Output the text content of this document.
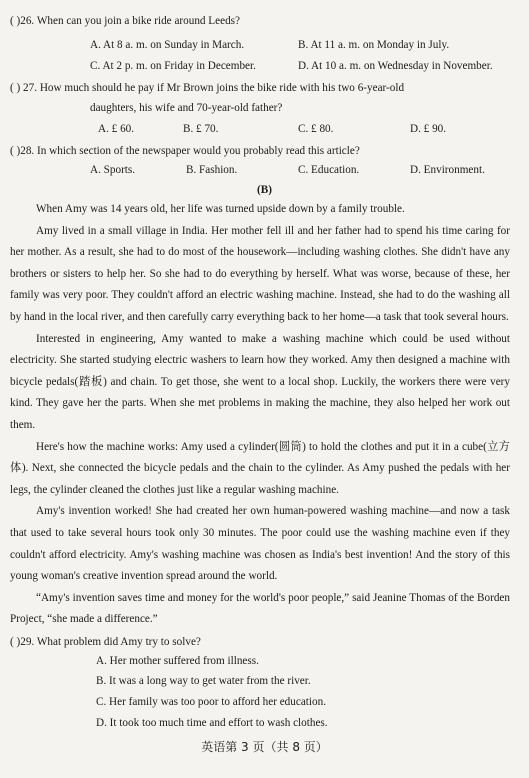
( )26. When can you join a bike ride around Leeds?
A. At 8 a. m. on Sunday in March.	B. At 11 a. m. on Monday in July.
C. At 2 p. m. on Friday in December.	D. At 10 a. m. on Wednesday in November.
( ) 27. How much should he pay if Mr Brown joins the bike ride with his two 6-year-old
daughters, his wife and 70-year-old father?
A. £ 60.	B. £ 70.	C. £ 80.	D. £ 90.
( )28. In which section of the newspaper would you probably read this article?
A. Sports.	B. Fashion.	C. Education.	D. Environment.
(B)

When Amy was 14 years old, her life was turned upside down by a family trouble.

Amy lived in a small village in India. Her mother fell ill and her father had to spend his time caring for her mother. As a result, she had to do most of the housework—including washing clothes. She didn't have any brothers or sisters to help her. So she had to do everything by herself. What was worse, because of these, her family was very poor. They couldn't afford an electric washing machine. Instead, she had to do the washing all by hand in the local river, and then carefully carry everything back to her home—a task that took several hours.

Interested in engineering, Amy wanted to make a washing machine which could be used without electricity. She started studying electric washers to learn how they worked. Amy then designed a machine with bicycle pedals(踏板) and chain. To get those, she went to a local shop. Luckily, the workers there were very kind. They gave her the parts. When she met problems in making the machine, they also helped her work out them.

Here's how the machine works: Amy used a cylinder(圆筒) to hold the clothes and put it in a cube(立方体). Next, she connected the bicycle pedals and the chain to the cylinder. As Amy pushed the pedals with her legs, the cylinder cleaned the clothes just like a regular washing machine.

Amy's invention worked! She had created her own human-powered washing machine—and now a task that used to take several hours took only 30 minutes. The poor could use the washing machine even if they couldn't afford electricity. Amy's washing machine was chosen as India's best invention! And the story of this young woman's creative invention spread around the world.

“Amy's invention saves time and money for the world's poor people,” said Jeanine Thomas of the Borden Project, “she made a difference.”

( )29. What problem did Amy try to solve?
A. Her mother suffered from illness.
B. It was a long way to get water from the river.
C. Her family was too poor to afford her education.
D. It took too much time and effort to wash clothes.
英语第 3 页（共 8 页）
